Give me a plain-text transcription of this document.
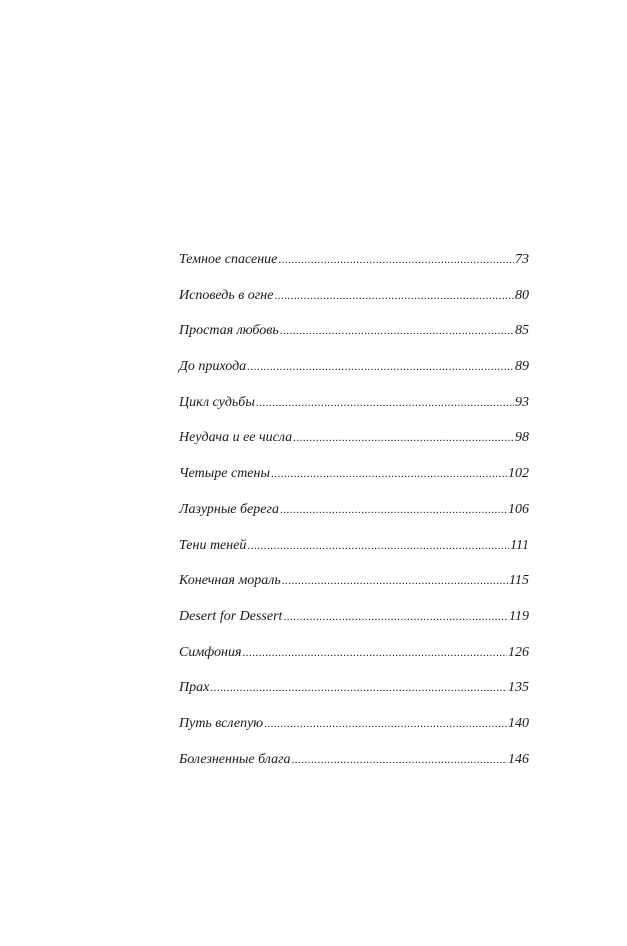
Темное спасение .....	73
Исповедь в огне .....	80
Простая любовь .....	85
До прихода .....	89
Цикл судьбы .....	93
Неудача и ее числа .....	98
Четыре стены .....	102
Лазурные берега .....	106
Тени теней .....	111
Конечная мораль .....	115
Desert for Dessert .....	119
Симфония .....	126
Прах .....	135
Путь вслепую .....	140
Болезненные блага .....	146
